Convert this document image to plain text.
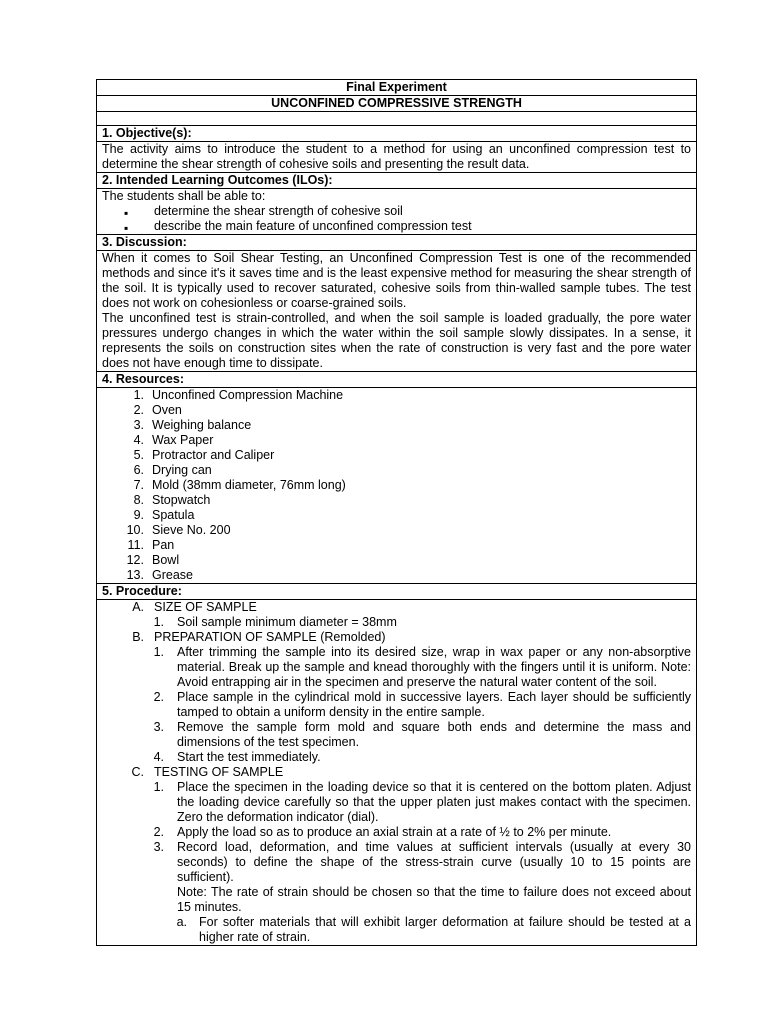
Final Experiment
UNCONFINED COMPRESSIVE STRENGTH
1. Objective(s):
The activity aims to introduce the student to a method for using an unconfined compression test to determine the shear strength of cohesive soils and presenting the result data.
2. Intended Learning Outcomes (ILOs):
The students shall be able to:
▪ determine the shear strength of cohesive soil
▪ describe the main feature of unconfined compression test
3. Discussion:
When it comes to Soil Shear Testing, an Unconfined Compression Test is one of the recommended methods and since it's it saves time and is the least expensive method for measuring the shear strength of the soil. It is typically used to recover saturated, cohesive soils from thin-walled sample tubes. The test does not work on cohesionless or coarse-grained soils.
The unconfined test is strain-controlled, and when the soil sample is loaded gradually, the pore water pressures undergo changes in which the water within the soil sample slowly dissipates. In a sense, it represents the soils on construction sites when the rate of construction is very fast and the pore water does not have enough time to dissipate.
4. Resources:
1. Unconfined Compression Machine
2. Oven
3. Weighing balance
4. Wax Paper
5. Protractor and Caliper
6. Drying can
7. Mold (38mm diameter, 76mm long)
8. Stopwatch
9. Spatula
10. Sieve No. 200
11. Pan
12. Bowl
13. Grease
5. Procedure:
A. SIZE OF SAMPLE
1. Soil sample minimum diameter = 38mm
B. PREPARATION OF SAMPLE (Remolded)
1. After trimming the sample into its desired size, wrap in wax paper or any non-absorptive material. Break up the sample and knead thoroughly with the fingers until it is uniform. Note: Avoid entrapping air in the specimen and preserve the natural water content of the soil.
2. Place sample in the cylindrical mold in successive layers. Each layer should be sufficiently tamped to obtain a uniform density in the entire sample.
3. Remove the sample form mold and square both ends and determine the mass and dimensions of the test specimen.
4. Start the test immediately.
C. TESTING OF SAMPLE
1. Place the specimen in the loading device so that it is centered on the bottom platen. Adjust the loading device carefully so that the upper platen just makes contact with the specimen. Zero the deformation indicator (dial).
2. Apply the load so as to produce an axial strain at a rate of ½ to 2% per minute.
3. Record load, deformation, and time values at sufficient intervals (usually at every 30 seconds) to define the shape of the stress-strain curve (usually 10 to 15 points are sufficient).
Note: The rate of strain should be chosen so that the time to failure does not exceed about 15 minutes.
a. For softer materials that will exhibit larger deformation at failure should be tested at a higher rate of strain.
